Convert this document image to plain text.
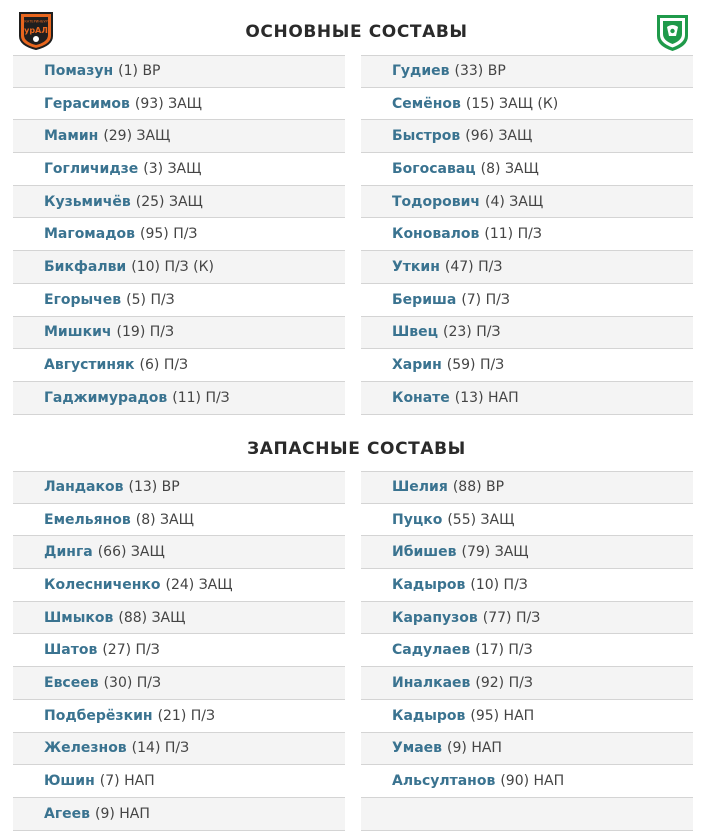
ЕКАТЕРИНБУРГ
урАЛ	ОСНОВНЫЕ СОСТАВЫ
Помазун (1) ВР
Герасимов (93) ЗАЩ
Мамин (29) ЗАЩ
Гогличидзе (3) ЗАЩ
Кузьмичёв (25) ЗАЩ
Магомадов (95) П/З
Бикфалви (10) П/З (К)
Егорычев (5) П/З
Мишкич (19) П/З
Августиняк (6) П/З
Гаджимурадов (11) П/З
Гудиев (33) ВР
Семёнов (15) ЗАЩ (К)
Быстров (96) ЗАЩ
Богосавац (8) ЗАЩ
Тодорович (4) ЗАЩ
Коновалов (11) П/З
Уткин (47) П/З
Бериша (7) П/З
Швец (23) П/З
Харин (59) П/З
Конате (13) НАП
ЗАПАСНЫЕ СОСТАВЫ
Ландаков (13) ВР
Емельянов (8) ЗАЩ
Динга (66) ЗАЩ
Колесниченко (24) ЗАЩ
Шмыков (88) ЗАЩ
Шатов (27) П/З
Евсеев (30) П/З
Подберёзкин (21) П/З
Железнов (14) П/З
Юшин (7) НАП
Агеев (9) НАП
Шелия (88) ВР
Пуцко (55) ЗАЩ
Ибишев (79) ЗАЩ
Кадыров (10) П/З
Карапузов (77) П/З
Садулаев (17) П/З
Иналкаев (92) П/З
Кадыров (95) НАП
Умаев (9) НАП
Альсултанов (90) НАП
